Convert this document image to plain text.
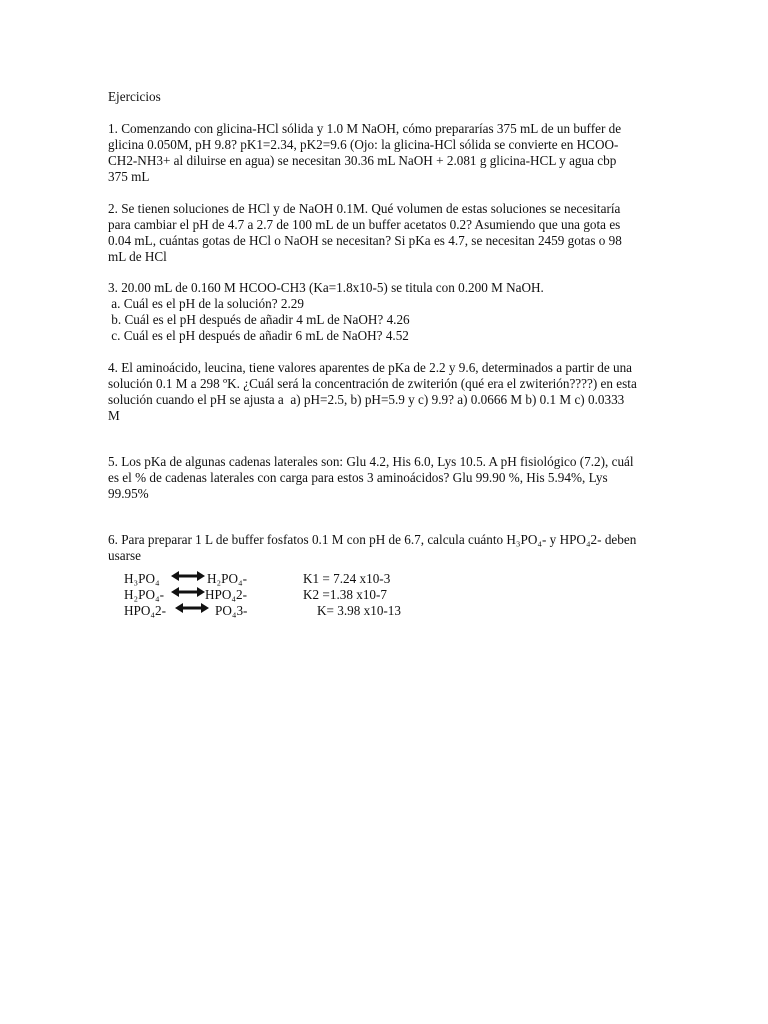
Ejercicios
1. Comenzando con glicina-HCl sólida y 1.0 M NaOH, cómo prepararías 375 mL de un buffer de
glicina 0.050M, pH 9.8? pK1=2.34, pK2=9.6 (Ojo: la glicina-HCl sólida se convierte en HCOO-
CH2-NH3+ al diluirse en agua) se necesitan 30.36 mL NaOH + 2.081 g glicina-HCL y agua cbp
375 mL
2. Se tienen soluciones de HCl y de NaOH 0.1M. Qué volumen de estas soluciones se necesitaría
para cambiar el pH de 4.7 a 2.7 de 100 mL de un buffer acetatos 0.2? Asumiendo que una gota es
0.04 mL, cuántas gotas de HCl o NaOH se necesitan? Si pKa es 4.7, se necesitan 2459 gotas o 98
mL de HCl
3. 20.00 mL de 0.160 M HCOO-CH3 (Ka=1.8x10-5) se titula con 0.200 M NaOH.
a. Cuál es el pH de la solución? 2.29
b. Cuál es el pH después de añadir 4 mL de NaOH? 4.26
c. Cuál es el pH después de añadir 6 mL de NaOH? 4.52
4. El aminoácido, leucina, tiene valores aparentes de pKa de 2.2 y 9.6, determinados a partir de una
solución 0.1 M a 298 ºK. ¿Cuál será la concentración de zwiterión (qué era el zwiterión????) en esta
solución cuando el pH se ajusta a  a) pH=2.5, b) pH=5.9 y c) 9.9? a) 0.0666 M b) 0.1 M c) 0.0333
M
5. Los pKa de algunas cadenas laterales son: Glu 4.2, His 6.0, Lys 10.5. A pH fisiológico (7.2), cuál
es el % de cadenas laterales con carga para estos 3 aminoácidos? Glu 99.90 %, His 5.94%, Lys
99.95%
6. Para preparar 1 L de buffer fosfatos 0.1 M con pH de 6.7, calcula cuánto H₃PO₄- y HPO₄2- deben
usarse
H₃PO₄	H₂PO₄-	K1 = 7.24 x10-3
H₂PO₄-	HPO₄2-	K2 =1.38 x10-7
HPO₄2-	PO₄3-	K= 3.98 x10-13
